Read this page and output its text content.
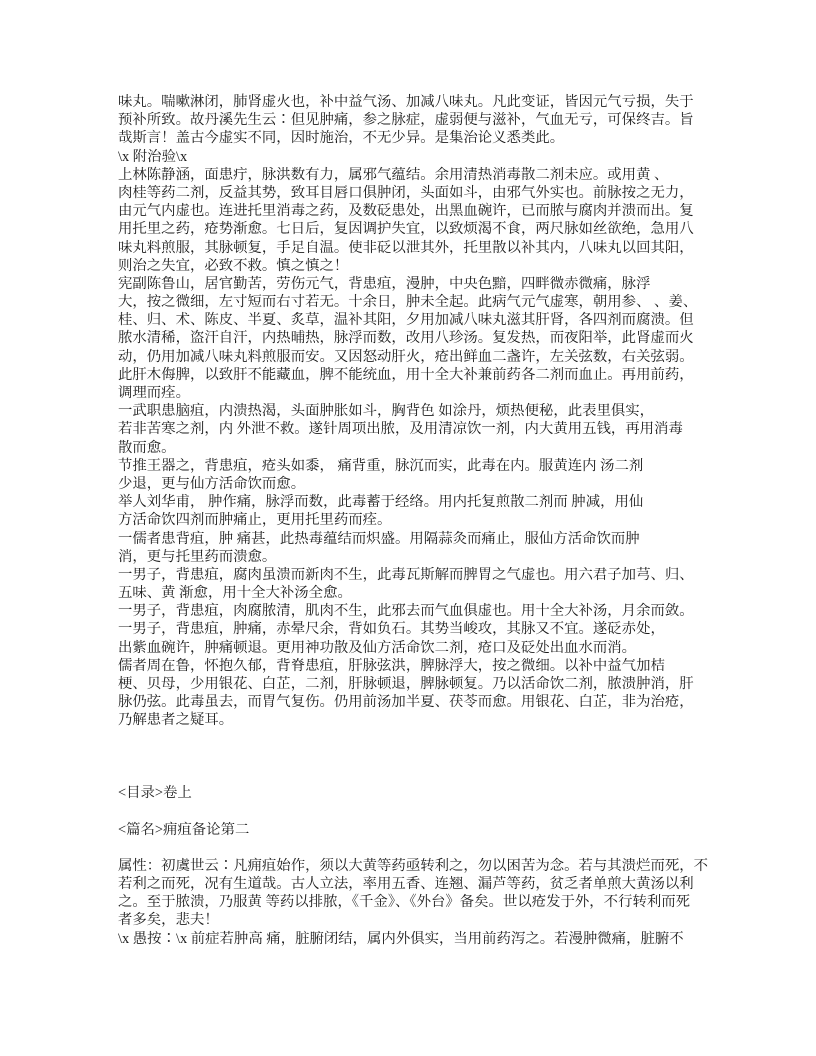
味丸。喘嗽淋闭，肺肾虚火也，补中益气汤、加减八味丸。凡此变证，皆因元气亏损，失于
预补所致。故丹溪先生云∶但见肿痛，参之脉症，虚弱便与滋补，气血无亏，可保终吉。旨
哉斯言！盖古今虚实不同，因时施治，不无少异。是集治论义悉类此。
\x 附治验\x
上林陈静涵，面患疔，脉洪数有力，属邪气蕴结。余用清热消毒散二剂未应。或用黄 、
肉桂等药二剂，反益其势，致耳目唇口俱肿闭，头面如斗，由邪气外实也。前脉按之无力，
由元气内虚也。连进托里消毒之药，及数砭患处，出黑血碗许，已而脓与腐肉并溃而出。复
用托里之药，疮势渐愈。七日后，复因调护失宜，以致烦渴不食，两尺脉如丝欲绝，急用八
味丸料煎服，其脉顿复，手足自温。使非砭以泄其外，托里散以补其内，八味丸以回其阳，
则治之失宜，必致不救。慎之慎之！
宪副陈鲁山，居官勤苦，劳伤元气，背患疽，漫肿，中央色黯，四畔微赤微痛，脉浮
大，按之微细，左寸短而右寸若无。十余日，肿未全起。此病气元气虚寒，朝用参、 、姜、
桂、归、术、陈皮、半夏、炙草，温补其阳，夕用加减八味丸滋其肝肾，各四剂而腐溃。但
脓水清稀，盗汗自汗，内热晡热，脉浮而数，改用八珍汤。复发热，而夜阳举，此肾虚而火
动，仍用加减八味丸料煎服而安。又因怒动肝火，疮出鲜血二盏许，左关弦数，右关弦弱。
此肝木侮脾，以致肝不能藏血，脾不能统血，用十全大补兼前药各二剂而血止。再用前药，
调理而痊。
一武职患脑疽，内溃热渴，头面肿胀如斗，胸背色 如涂丹，烦热便秘，此表里俱实，
若非苦寒之剂，内 外泄不救。遂针周项出脓，及用清凉饮一剂，内大黄用五钱，再用消毒
散而愈。
节推王器之，背患疽，疮头如黍， 痛背重，脉沉而实，此毒在内。服黄连内 汤二剂
少退，更与仙方活命饮而愈。
举人刘华甫， 肿作痛，脉浮而数，此毒蓄于经络。用内托复煎散二剂而 肿减，用仙
方活命饮四剂而肿痛止，更用托里药而痊。
一儒者患背疽，肿 痛甚，此热毒蕴结而炽盛。用隔蒜灸而痛止，服仙方活命饮而肿
消，更与托里药而溃愈。
一男子，背患疽，腐肉虽溃而新肉不生，此毒瓦斯解而脾胃之气虚也。用六君子加芎、归、
五味、黄 渐愈，用十全大补汤全愈。
一男子，背患疽，肉腐脓清，肌肉不生，此邪去而气血俱虚也。用十全大补汤，月余而敛。
一男子，背患疽，肿痛，赤晕尺余，背如负石。其势当峻攻，其脉又不宜。遂砭赤处，
出紫血碗许，肿痛顿退。更用神功散及仙方活命饮二剂，疮口及砭处出血水而消。
儒者周在鲁，怀抱久郁，背脊患疽，肝脉弦洪，脾脉浮大，按之微细。以补中益气加桔
梗、贝母，少用银花、白芷，二剂，肝脉顿退，脾脉顿复。乃以活命饮二剂，脓溃肿消，肝
脉仍弦。此毒虽去，而胃气复伤。仍用前汤加半夏、茯苓而愈。用银花、白芷，非为治疮，
乃解患者之疑耳。
<目录>卷上
<篇名>痈疽备论第二
属性：初虞世云∶凡痈疽始作，须以大黄等药亟转利之，勿以困苦为念。若与其溃烂而死，不
若利之而死，况有生道哉。古人立法，率用五香、连翘、漏芦等药，贫乏者单煎大黄汤以利
之。至于脓溃，乃服黄 等药以排脓，《千金》、《外台》备矣。世以疮发于外，不行转利而死
者多矣，悲夫！
\x 愚按∶\x 前症若肿高 痛，脏腑闭结，属内外俱实，当用前药泻之。若漫肿微痛，脏腑不
